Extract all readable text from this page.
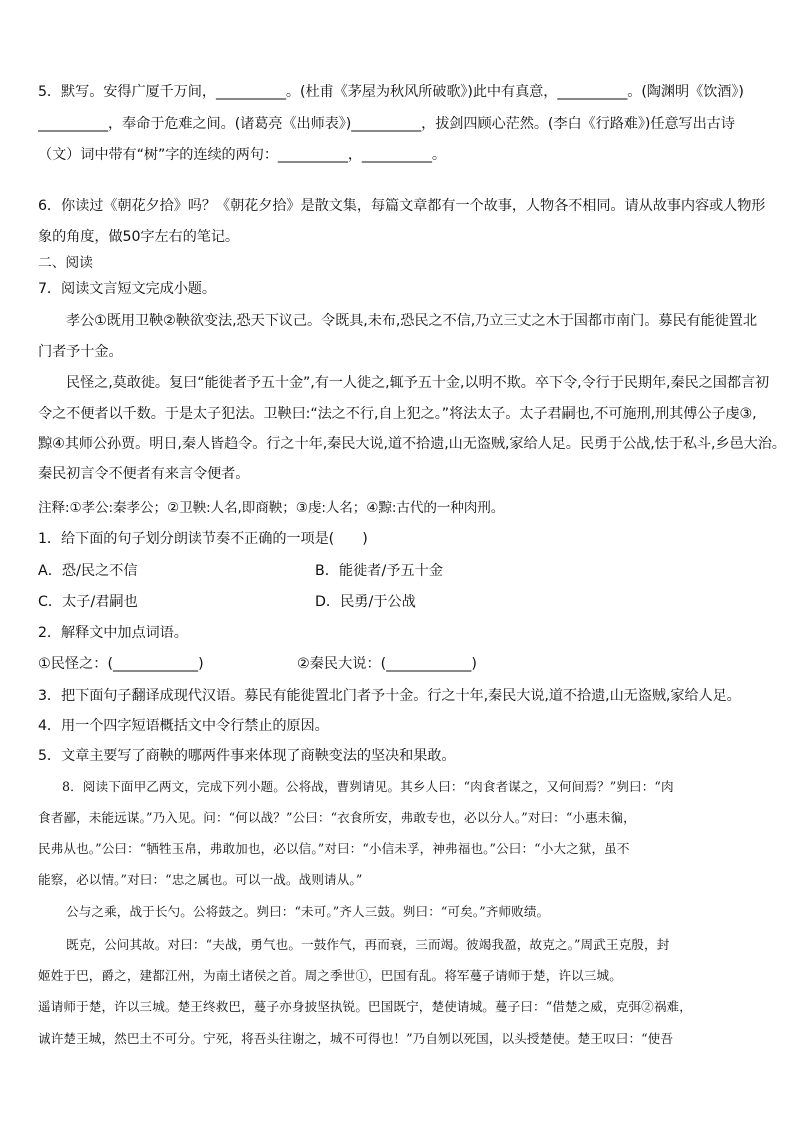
5．默写。安得广厦千万间，__________。(杜甫《茅屋为秋风所破歌》)此中有真意，__________。(陶渊明《饮酒》)
__________，奉命于危难之间。(诸葛亮《出师表》)__________，拔剑四顾心茫然。(李白《行路难》)任意写出古诗
（文）词中带有“树”字的连续的两句：__________，__________。
6．你读过《朝花夕拾》吗？《朝花夕拾》是散文集，每篇文章都有一个故事，人物各不相同。请从故事内容或人物形
象的角度，做50字左右的笔记。
二、阅读
7．阅读文言短文完成小题。
孝公①既用卫鞅②鞅欲变法,恐天下议己。令既具,未布,恐民之不信,乃立三丈之木于国都市南门。募民有能徙置北
门者予十金。
民怪之,莫敢徙。复曰“能徙者予五十金”,有一人徙之,辄予五十金,以明不欺。卒下令,令行于民期年,秦民之国都言初
令之不便者以千数。于是太子犯法。卫鞅曰:“法之不行,自上犯之。”将法太子。太子君嗣也,不可施刑,刑其傅公子虔③,
黥④其师公孙贾。明日,秦人皆趋令。行之十年,秦民大说,道不拾遗,山无盗贼,家给人足。民勇于公战,怯于私斗,乡邑大治。
秦民初言令不便者有来言令便者。
注释:①孝公:秦孝公；②卫鞅:人名,即商鞅；③虔:人名；④黥:古代的一种肉刑。
1．给下面的句子划分朗读节奏不正确的一项是(　　)
A．恐/民之不信	B．能徙者/予五十金
C．太子/君嗣也	D．民勇/于公战
2．解释文中加点词语。
①民怪之：(____________)	②秦民大说：(____________)
3．把下面句子翻译成现代汉语。募民有能徙置北门者予十金。行之十年,秦民大说,道不拾遗,山无盗贼,家给人足。
4．用一个四字短语概括文中令行禁止的原因。
5．文章主要写了商鞅的哪两件事来体现了商鞅变法的坚决和果敢。
8．阅读下面甲乙两文，完成下列小题。公将战，曹刿请见。其乡人曰：“肉食者谋之，又何间焉？”刿曰：“肉
食者鄙，未能远谋。”乃入见。问：“何以战？”公曰：“衣食所安，弗敢专也，必以分人。”对曰：“小惠未徧，
民弗从也。”公曰：“牺牲玉帛，弗敢加也，必以信。”对曰：“小信未孚，神弗福也。”公曰：“小大之狱，虽不
能察，必以情。”对曰：“忠之属也。可以一战。战则请从。”
公与之乘，战于长勺。公将鼓之。刿曰：“未可。”齐人三鼓。刿曰：“可矣。”齐师败绩。
既克，公问其故。对曰：“夫战，勇气也。一鼓作气，再而衰，三而竭。彼竭我盈，故克之。”周武王克殷，封
姬姓于巴，爵之，建都江州，为南土诸侯之首。周之季世①，巴国有乱。将军蔓子请师于楚，许以三城。
遥请师于楚，许以三城。楚王终救巴，蔓子亦身披坚执锐。巴国既宁，楚使请城。蔓子曰：“借楚之威，克弭②祸难，
诚许楚王城，然巴土不可分。宁死，将吾头往谢之，城不可得也！”乃自刎以死国，以头授楚使。楚王叹曰：“使吾
